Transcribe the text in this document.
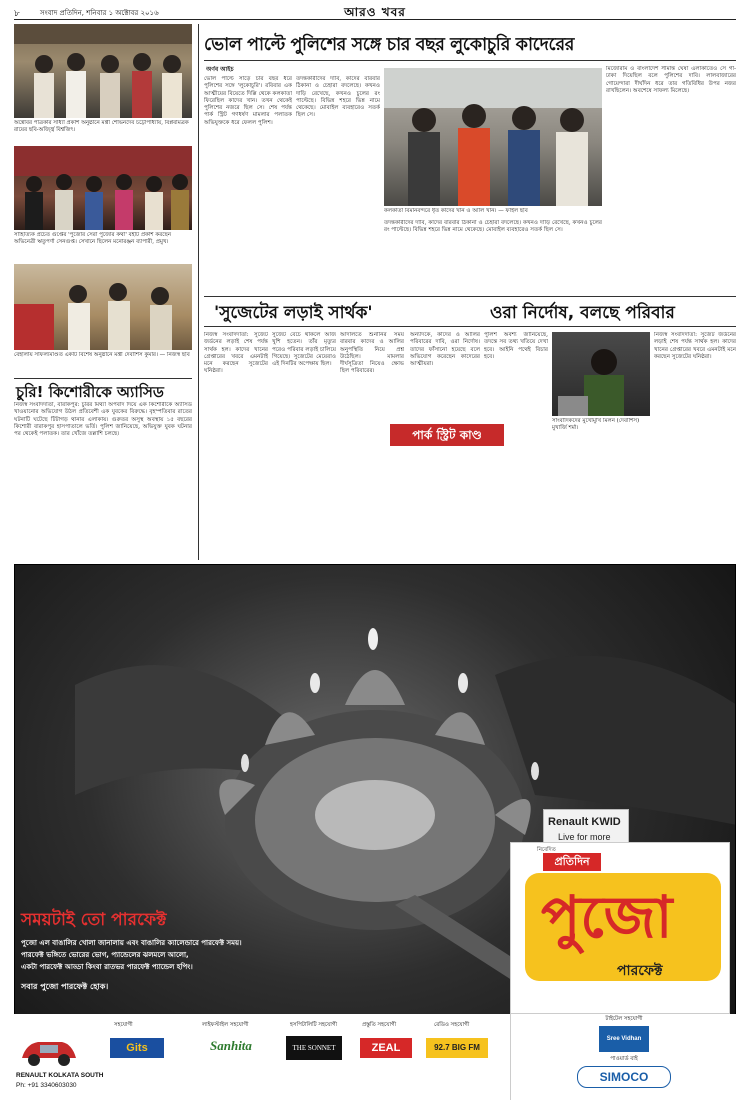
৮	সংবাদ প্রতিদিন, শনিবার ১ অক্টোবর ২০১৬	আরও খবর
অক্টোবর পত্রিকার সাধ্যা প্রকাশ অনুষ্ঠানে মন্ত্রী শোভনদেব চট্টোপাধ্যায়, বিপ্লবমিত্রক রায়ের ছবি-অর্জ্জ্বি বিশ্বজিৎ।
সাহিত্যিক প্রচেত গুপ্তের 'পুজোর সেরা পুজোর কথা' বইটি প্রকাশ করছেন অভিনেত্রী ঋতুপর্ণা সেনগুপ্ত। সেখানে ছিলেন মনোরঞ্জন ব্যাপারী, প্রমুখ।
বেহালায় সাফল্যমণ্ডিত একটি বিশেষ অনুষ্ঠানে মন্ত্রী দেবাশিস কুমার। — নিজস্ব ছবি
চুরি! কিশোরীকে অ্যাসিড
নিজস্ব সংবাদদাতা, বারাকপুর: চুরির মিথ্যা অপবাদ দিয়ে এক কিশোরীকে অ্যাসিড খাওয়ানোর অভিযোগ উঠল প্রতিবেশী এক যুবকের বিরুদ্ধে। বৃহস্পতিবার রাতের ঘটনাটি ঘটেছে টিটাগড় থানার এলাকায়। গুরুতর অসুস্থ অবস্থায় ১৫ বছরের কিশোরী বারাকপুর হাসপাতালে ভর্তি। পুলিশ জানিয়েছে, অভিযুক্ত যুবক ঘটনার পর থেকেই পলাতক। তার খোঁজে তল্লাশি চলছে।
ভোল পাল্টে পুলিশের সঙ্গে চার বছর লুকোচুরি কাদেরের
অর্ণব আইচ
ভোল পাল্টে সাড়ে চার বছর ধরে পুলিশের সঙ্গে 'লুকোচুরি'। রবিবার এক আত্মীয়ের বিয়েতে দিল্লি থেকে কলকাতা ফিরেছিল কাদের খান। তখন থেকেই পুলিশের নজরে ছিল সে। শেষ পর্যন্ত পার্ক স্ট্রিট গণধর্ষণ মামলার পলাতক অভিযুক্তকে ধরে ফেলল পুলিশ।
তদন্তকারীদের দাবি, কাদের বারবার ঠিকানা ও চেহারা বদলেছে। কখনও দাড়ি রেখেছে, কখনও চুলের রং পাল্টেছে। বিভিন্ন শহরে ভিন্ন নামে থেকেছে। মোবাইল ব্যবহারেও সতর্ক ছিল সে।
কলকাতা বিমানবন্দরে ধৃত কাদের খান ও আলি খান। — ফাইল ছবি
মিজোরাম ও বাংলাদেশ সীমান্ত ঘেঁষা এলাকাতেও সে গা-ঢাকা দিয়েছিল বলে পুলিশের দাবি। লালবাজারের গোয়েন্দারা দীর্ঘদিন ধরে তার গতিবিধির উপর নজর রাখছিলেন। অবশেষে সাফল্য মিলেছে।
তদন্তকারীদের দাবি, কাদের বারবার ঠিকানা ও চেহারা বদলেছে। কখনও দাড়ি রেখেছে, কখনও চুলের রং পাল্টেছে। বিভিন্ন শহরে ভিন্ন নামে থেকেছে। মোবাইল ব্যবহারেও সতর্ক ছিল সে।
'সুজেটের লড়াই সার্থক'	ওরা নির্দোষ, বলছে পরিবার
নিজস্ব সংবাদদাতা: সুজেট জর্ডনের লড়াই শেষ পর্যন্ত সার্থক হল। কাদের খানের গ্রেপ্তারের খবরে এমনটাই মনে করছেন সুজেটের ঘনিষ্ঠরা।
সুজেট বেঁচে থাকলে আজ খুশি হতেন। তাঁর মৃত্যুর পরেও পরিবার লড়াই চালিয়ে গিয়েছে। সুজেটের মেয়েরাও এই দিনটির অপেক্ষায় ছিল।
আদালতে শুনানির সময় বারবার কাদের ও আলির অনুপস্থিতি নিয়ে প্রশ্ন উঠেছিল। মামলার দীর্ঘসূত্রিতা নিয়েও ক্ষোভ ছিল পরিবারের।
পার্ক স্ট্রিট কাণ্ড
অন্যদিকে, কাদের ও আলির পরিবারের দাবি, ওরা নির্দোষ। তাদের ফাঁসানো হয়েছে বলে অভিযোগ করেছেন কাদেরের আত্মীয়রা।
পুলিশ অবশ্য জানিয়েছে, তদন্তে সব তথ্য খতিয়ে দেখা হবে। আইনি পথেই বিচার হবে।
সাংবাদিকদের মুখোমুখি মিলন (দেবাশিস) মুখার্জি শর্মা।
নিজস্ব সংবাদদাতা: সুজেট জর্ডনের লড়াই শেষ পর্যন্ত সার্থক হল। কাদের খানের গ্রেপ্তারের খবরে এমনটাই মনে করছেন সুজেটের ঘনিষ্ঠরা।
সময়টাই তো পারফেক্ট
পুজো এল বাঙালির খোলা জানালায় এবং বাঙালির ক্যালেন্ডারে পারফেক্ট সময়।
পারফেক্ট ভঙ্গিতে ভোরের ভোগ, প্যান্ডেলের ঝলমলে আলো,
একটা পারফেক্ট আড্ডা কিংবা রাতভর পারফেক্ট প্যান্ডেল হপিং।
সবার পুজো পারফেক্ট হোক।
Renault KWID
Live for more
নিবেদিত
প্রতিদিন
পুজো
পারফেক্ট
RENAULT KOLKATA SOUTH
Ph: +91 3340603030
সহযোগী
Gits
লাইফস্টাইল সহযোগী
Sanhita
হসপিটালিটি সহযোগী
THE SONNET
প্রস্তুতি সহযোগী
ZEAL
রেডিও সহযোগী
92.7 BIG FM
টাইটেল সহযোগী
Sree Vidhan
পাওয়ার্ড বাই
SIMOCO
